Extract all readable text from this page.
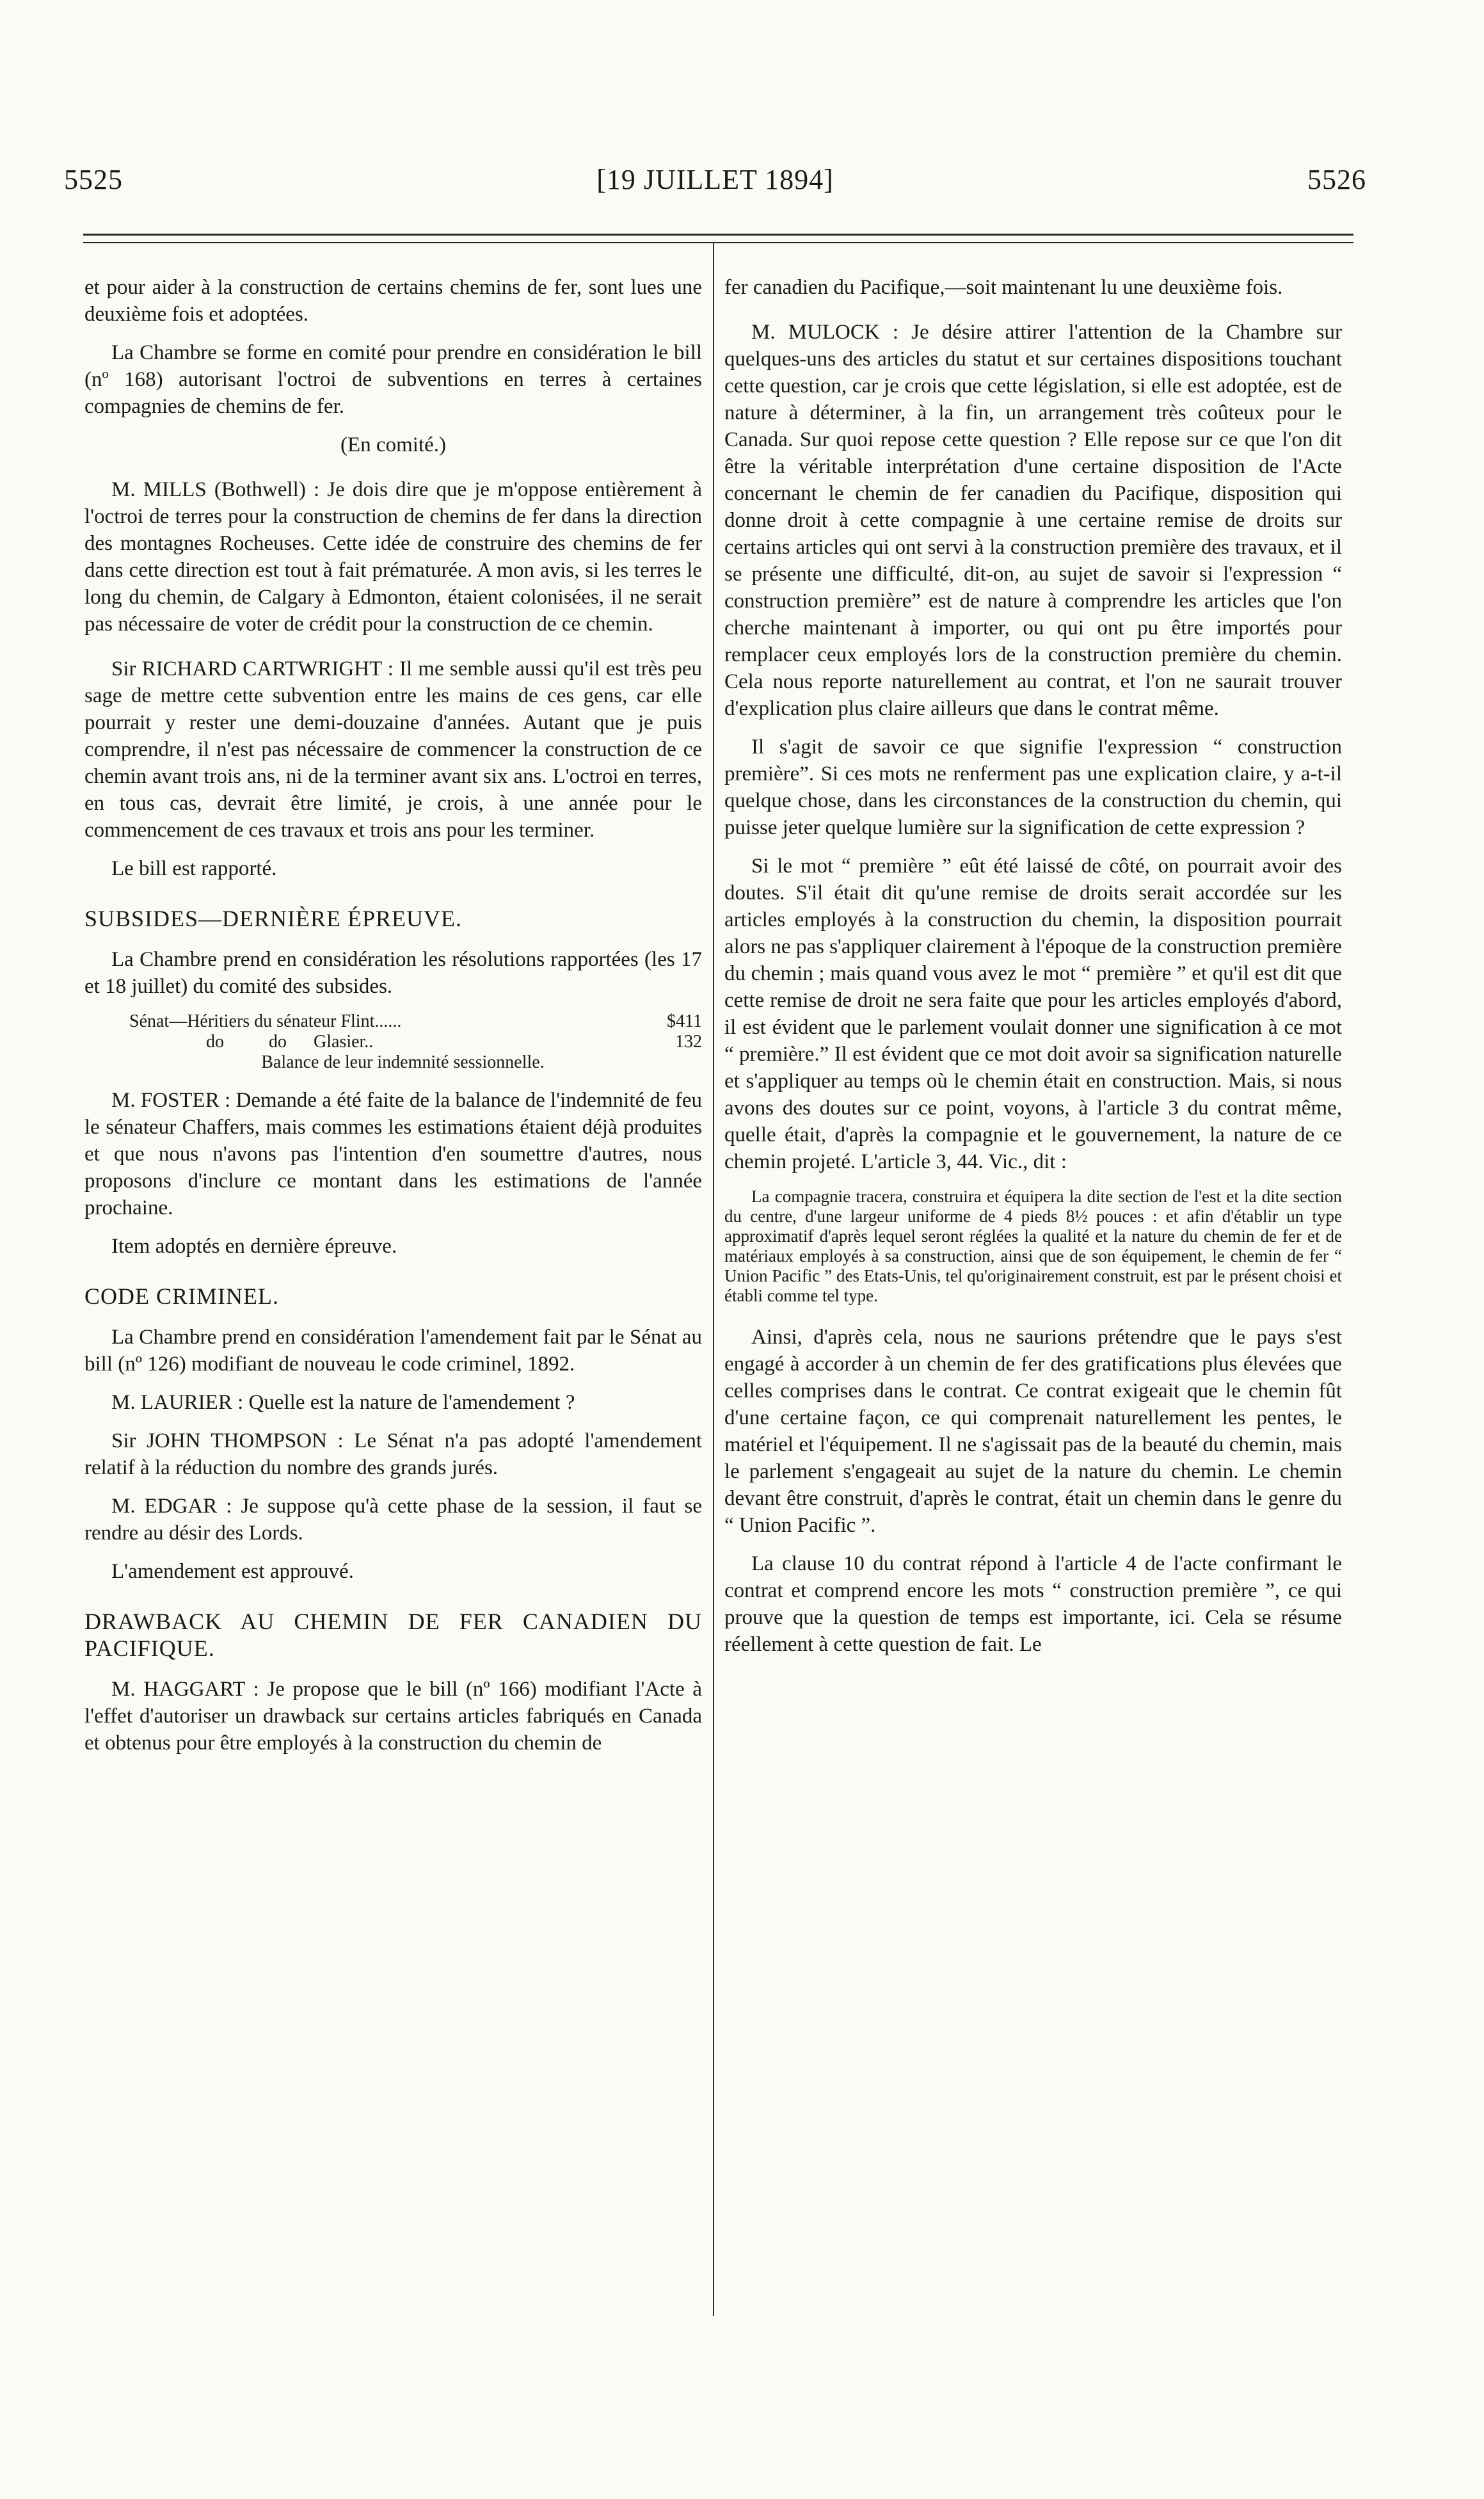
5525	[19 JUILLET 1894]	5526

et pour aider à la construction de certains chemins de fer, sont lues une deuxième fois et adoptées.

La Chambre se forme en comité pour prendre en considération le bill (nº 168) autorisant l'octroi de subventions en terres à certaines compagnies de chemins de fer.

(En comité.)

M. MILLS (Bothwell) : Je dois dire que je m'oppose entièrement à l'octroi de terres pour la construction de chemins de fer dans la direction des montagnes Rocheuses. Cette idée de construire des chemins de fer dans cette direction est tout à fait prématurée. A mon avis, si les terres le long du chemin, de Calgary à Edmonton, étaient colonisées, il ne serait pas nécessaire de voter de crédit pour la construction de ce chemin.

Sir RICHARD CARTWRIGHT : Il me semble aussi qu'il est très peu sage de mettre cette subvention entre les mains de ces gens, car elle pourrait y rester une demi-douzaine d'années. Autant que je puis comprendre, il n'est pas nécessaire de commencer la construction de ce chemin avant trois ans, ni de la terminer avant six ans. L'octroi en terres, en tous cas, devrait être limité, je crois, à une année pour le commencement de ces travaux et trois ans pour les terminer.

Le bill est rapporté.

SUBSIDES—DERNIÈRE ÉPREUVE.

La Chambre prend en considération les résolutions rapportées (les 17 et 18 juillet) du comité des subsides.

Sénat—Héritiers du sénateur Flint......	$411
do          do      Glasier..	132
Balance de leur indemnité sessionnelle.

M. FOSTER : Demande a été faite de la balance de l'indemnité de feu le sénateur Chaffers, mais commes les estimations étaient déjà produites et que nous n'avons pas l'intention d'en soumettre d'autres, nous proposons d'inclure ce montant dans les estimations de l'année prochaine.

Item adoptés en dernière épreuve.

CODE CRIMINEL.

La Chambre prend en considération l'amendement fait par le Sénat au bill (nº 126) modifiant de nouveau le code criminel, 1892.

M. LAURIER : Quelle est la nature de l'amendement ?

Sir JOHN THOMPSON : Le Sénat n'a pas adopté l'amendement relatif à la réduction du nombre des grands jurés.

M. EDGAR : Je suppose qu'à cette phase de la session, il faut se rendre au désir des Lords.

L'amendement est approuvé.

DRAWBACK AU CHEMIN DE FER CANADIEN DU PACIFIQUE.

M. HAGGART : Je propose que le bill (nº 166) modifiant l'Acte à l'effet d'autoriser un drawback sur certains articles fabriqués en Canada et obtenus pour être employés à la construction du chemin de

fer canadien du Pacifique,—soit maintenant lu une deuxième fois.

M. MULOCK : Je désire attirer l'attention de la Chambre sur quelques-uns des articles du statut et sur certaines dispositions touchant cette question, car je crois que cette législation, si elle est adoptée, est de nature à déterminer, à la fin, un arrangement très coûteux pour le Canada. Sur quoi repose cette question ? Elle repose sur ce que l'on dit être la véritable interprétation d'une certaine disposition de l'Acte concernant le chemin de fer canadien du Pacifique, disposition qui donne droit à cette compagnie à une certaine remise de droits sur certains articles qui ont servi à la construction première des travaux, et il se présente une difficulté, dit-on, au sujet de savoir si l'expression “ construction première” est de nature à comprendre les articles que l'on cherche maintenant à importer, ou qui ont pu être importés pour remplacer ceux employés lors de la construction première du chemin. Cela nous reporte naturellement au contrat, et l'on ne saurait trouver d'explication plus claire ailleurs que dans le contrat même.

Il s'agit de savoir ce que signifie l'expression “ construction première”. Si ces mots ne renferment pas une explication claire, y a-t-il quelque chose, dans les circonstances de la construction du chemin, qui puisse jeter quelque lumière sur la signification de cette expression ?

Si le mot “ première ” eût été laissé de côté, on pourrait avoir des doutes. S'il était dit qu'une remise de droits serait accordée sur les articles employés à la construction du chemin, la disposition pourrait alors ne pas s'appliquer clairement à l'époque de la construction première du chemin ; mais quand vous avez le mot “ première ” et qu'il est dit que cette remise de droit ne sera faite que pour les articles employés d'abord, il est évident que le parlement voulait donner une signification à ce mot “ première.” Il est évident que ce mot doit avoir sa signification naturelle et s'appliquer au temps où le chemin était en construction. Mais, si nous avons des doutes sur ce point, voyons, à l'article 3 du contrat même, quelle était, d'après la compagnie et le gouvernement, la nature de ce chemin projeté. L'article 3, 44. Vic., dit :

La compagnie tracera, construira et équipera la dite section de l'est et la dite section du centre, d'une largeur uniforme de 4 pieds 8½ pouces : et afin d'établir un type approximatif d'après lequel seront réglées la qualité et la nature du chemin de fer et de matériaux employés à sa construction, ainsi que de son équipement, le chemin de fer “ Union Pacific ” des Etats-Unis, tel qu'originairement construit, est par le présent choisi et établi comme tel type.

Ainsi, d'après cela, nous ne saurions prétendre que le pays s'est engagé à accorder à un chemin de fer des gratifications plus élevées que celles comprises dans le contrat. Ce contrat exigeait que le chemin fût d'une certaine façon, ce qui comprenait naturellement les pentes, le matériel et l'équipement. Il ne s'agissait pas de la beauté du chemin, mais le parlement s'engageait au sujet de la nature du chemin. Le chemin devant être construit, d'après le contrat, était un chemin dans le genre du “ Union Pacific ”.

La clause 10 du contrat répond à l'article 4 de l'acte confirmant le contrat et comprend encore les mots “ construction première ”, ce qui prouve que la question de temps est importante, ici. Cela se résume réellement à cette question de fait. Le
